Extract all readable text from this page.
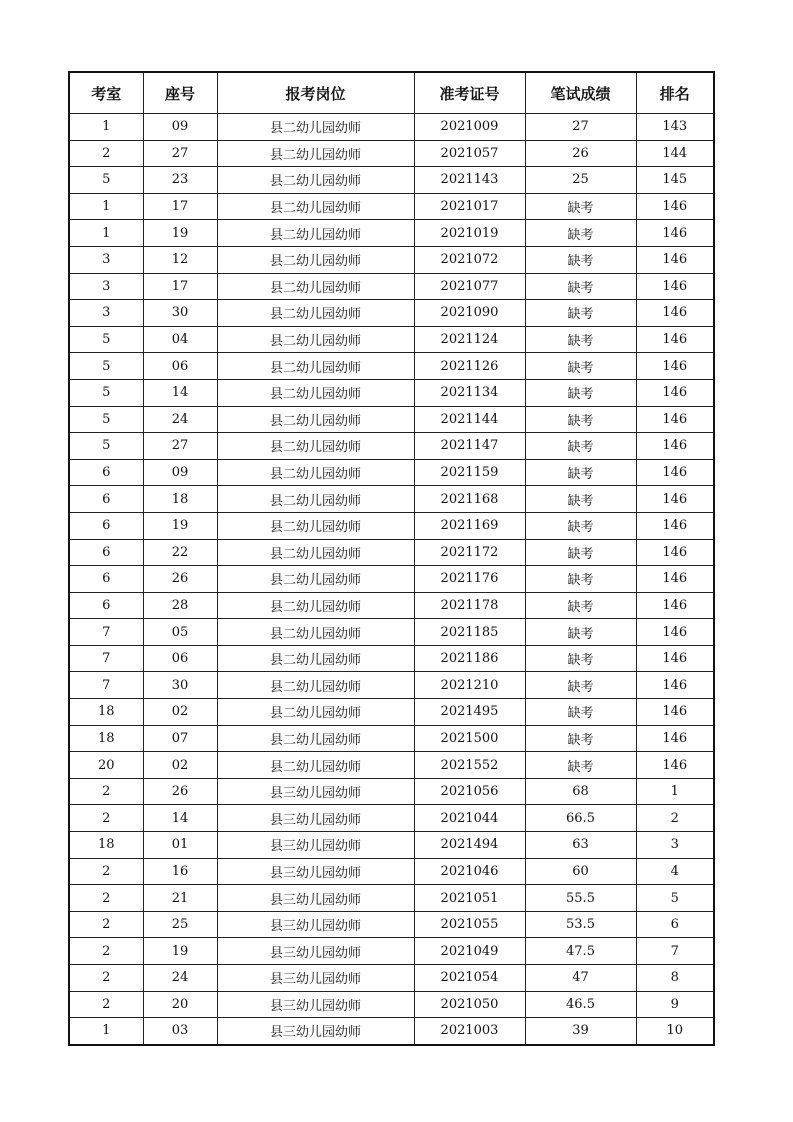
考室	座号	报考岗位	准考证号	笔试成绩	排名
1	09	县二幼儿园幼师	2021009	27	143
2	27	县二幼儿园幼师	2021057	26	144
5	23	县二幼儿园幼师	2021143	25	145
1	17	县二幼儿园幼师	2021017	缺考	146
1	19	县二幼儿园幼师	2021019	缺考	146
3	12	县二幼儿园幼师	2021072	缺考	146
3	17	县二幼儿园幼师	2021077	缺考	146
3	30	县二幼儿园幼师	2021090	缺考	146
5	04	县二幼儿园幼师	2021124	缺考	146
5	06	县二幼儿园幼师	2021126	缺考	146
5	14	县二幼儿园幼师	2021134	缺考	146
5	24	县二幼儿园幼师	2021144	缺考	146
5	27	县二幼儿园幼师	2021147	缺考	146
6	09	县二幼儿园幼师	2021159	缺考	146
6	18	县二幼儿园幼师	2021168	缺考	146
6	19	县二幼儿园幼师	2021169	缺考	146
6	22	县二幼儿园幼师	2021172	缺考	146
6	26	县二幼儿园幼师	2021176	缺考	146
6	28	县二幼儿园幼师	2021178	缺考	146
7	05	县二幼儿园幼师	2021185	缺考	146
7	06	县二幼儿园幼师	2021186	缺考	146
7	30	县二幼儿园幼师	2021210	缺考	146
18	02	县二幼儿园幼师	2021495	缺考	146
18	07	县二幼儿园幼师	2021500	缺考	146
20	02	县二幼儿园幼师	2021552	缺考	146
2	26	县三幼儿园幼师	2021056	68	1
2	14	县三幼儿园幼师	2021044	66.5	2
18	01	县三幼儿园幼师	2021494	63	3
2	16	县三幼儿园幼师	2021046	60	4
2	21	县三幼儿园幼师	2021051	55.5	5
2	25	县三幼儿园幼师	2021055	53.5	6
2	19	县三幼儿园幼师	2021049	47.5	7
2	24	县三幼儿园幼师	2021054	47	8
2	20	县三幼儿园幼师	2021050	46.5	9
1	03	县三幼儿园幼师	2021003	39	10
